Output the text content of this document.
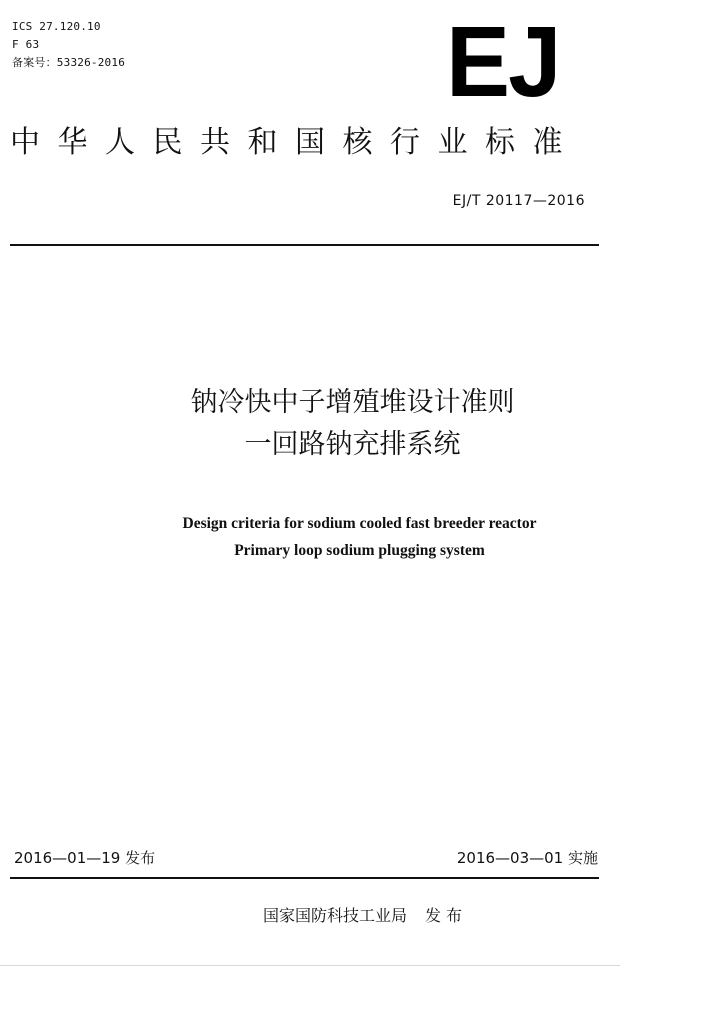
ICS 27.120.10
F 63
备案号：53326-2016	EJ
中华人民共和国核行业标准
EJ/T 20117—2016
钠冷快中子增殖堆设计准则
一回路钠充排系统
Design criteria for sodium cooled fast breeder reactor
Primary loop sodium plugging system
2016—01—19 发布	2016—03—01 实施
国家国防科技工业局 发 布
